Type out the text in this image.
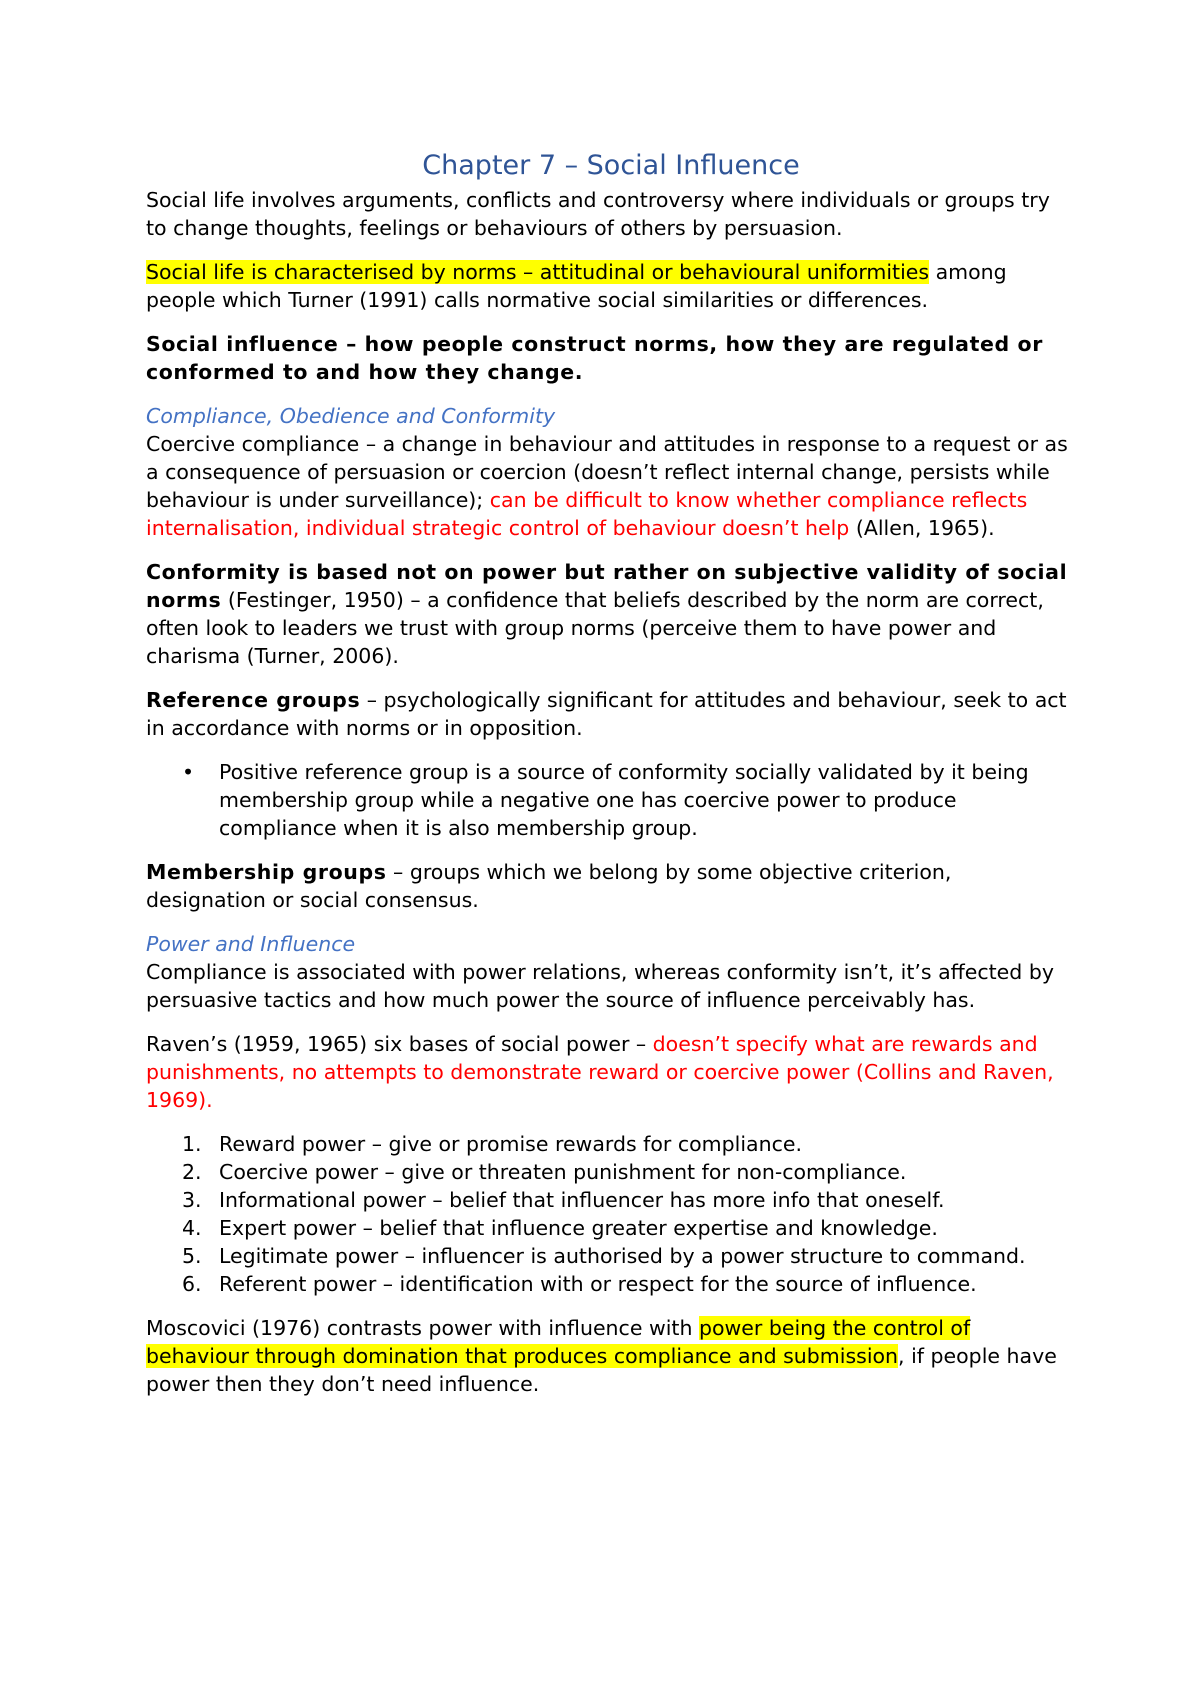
Chapter 7 – Social Influence

Social life involves arguments, conflicts and controversy where individuals or groups try to change thoughts, feelings or behaviours of others by persuasion.

Social life is characterised by norms – attitudinal or behavioural uniformities among people which Turner (1991) calls normative social similarities or differences.

Social influence – how people construct norms, how they are regulated or conformed to and how they change.

Compliance, Obedience and Conformity

Coercive compliance – a change in behaviour and attitudes in response to a request or as a consequence of persuasion or coercion (doesn’t reflect internal change, persists while behaviour is under surveillance); can be difficult to know whether compliance reflects internalisation, individual strategic control of behaviour doesn’t help (Allen, 1965).

Conformity is based not on power but rather on subjective validity of social norms (Festinger, 1950) – a confidence that beliefs described by the norm are correct, often look to leaders we trust with group norms (perceive them to have power and charisma (Turner, 2006).

Reference groups – psychologically significant for attitudes and behaviour, seek to act in accordance with norms or in opposition.

• Positive reference group is a source of conformity socially validated by it being membership group while a negative one has coercive power to produce compliance when it is also membership group.

Membership groups – groups which we belong by some objective criterion, designation or social consensus.

Power and Influence

Compliance is associated with power relations, whereas conformity isn’t, it’s affected by persuasive tactics and how much power the source of influence perceivably has.

Raven’s (1959, 1965) six bases of social power – doesn’t specify what are rewards and punishments, no attempts to demonstrate reward or coercive power (Collins and Raven, 1969).

1. Reward power – give or promise rewards for compliance.
2. Coercive power – give or threaten punishment for non-compliance.
3. Informational power – belief that influencer has more info that oneself.
4. Expert power – belief that influence greater expertise and knowledge.
5. Legitimate power – influencer is authorised by a power structure to command.
6. Referent power – identification with or respect for the source of influence.

Moscovici (1976) contrasts power with influence with power being the control of behaviour through domination that produces compliance and submission, if people have power then they don’t need influence.
